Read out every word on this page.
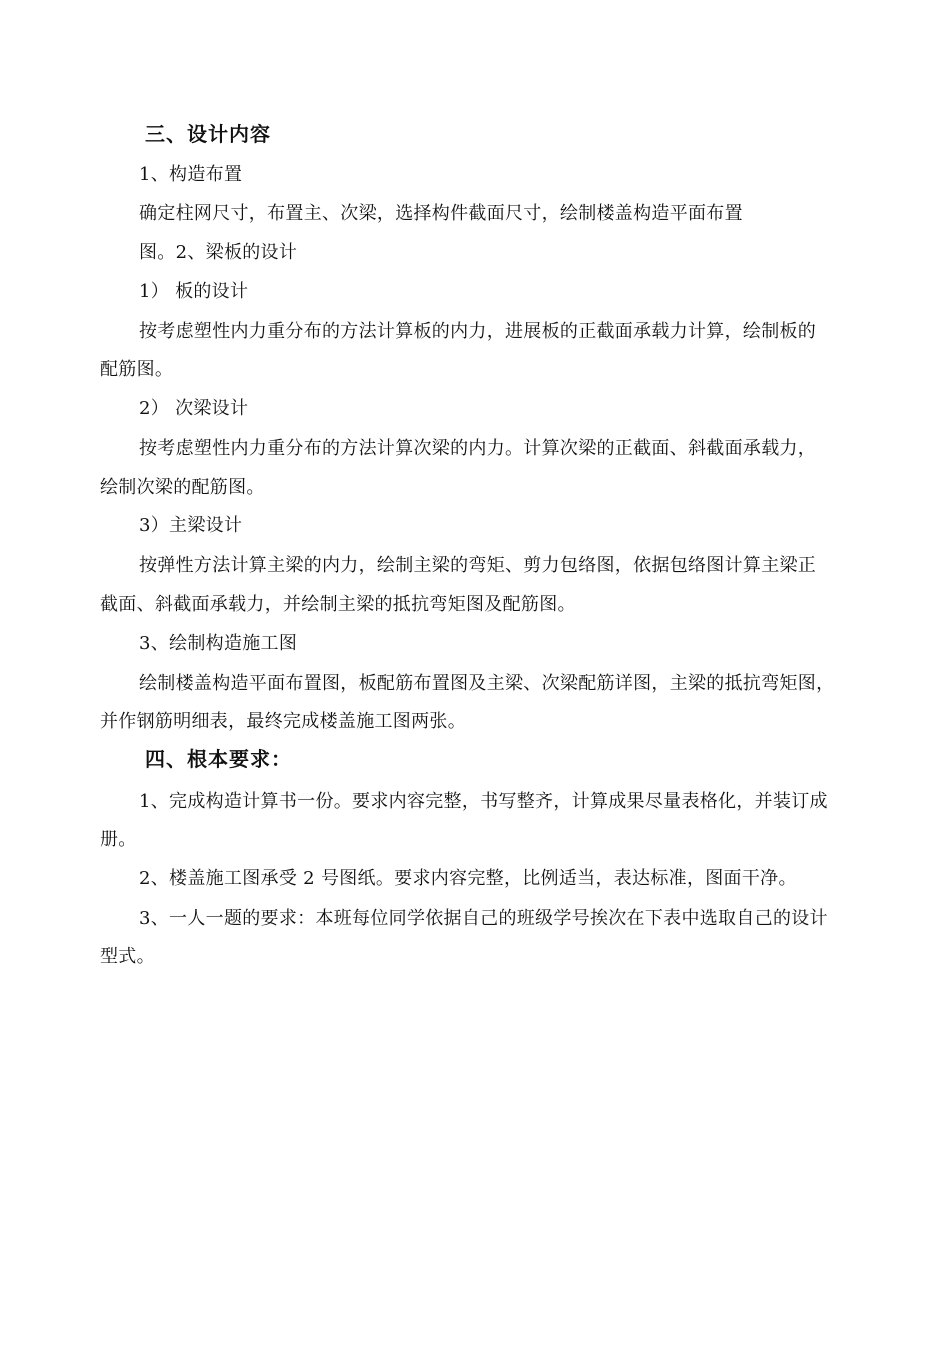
三、设计内容
1、构造布置
确定柱网尺寸，布置主、次梁，选择构件截面尺寸，绘制楼盖构造平面布置
图。2、梁板的设计
1） 板的设计
按考虑塑性内力重分布的方法计算板的内力，进展板的正截面承载力计算，绘制板的
配筋图。
2） 次梁设计
按考虑塑性内力重分布的方法计算次梁的内力。计算次梁的正截面、斜截面承载力，
绘制次梁的配筋图。
3）主梁设计
按弹性方法计算主梁的内力，绘制主梁的弯矩、剪力包络图，依据包络图计算主梁正
截面、斜截面承载力，并绘制主梁的抵抗弯矩图及配筋图。
3、绘制构造施工图
绘制楼盖构造平面布置图，板配筋布置图及主梁、次梁配筋详图，主梁的抵抗弯矩图，
并作钢筋明细表，最终完成楼盖施工图两张。
四、根本要求：
1、完成构造计算书一份。要求内容完整，书写整齐，计算成果尽量表格化，并装订成
册。
2、楼盖施工图承受 2 号图纸。要求内容完整，比例适当，表达标准，图面干净。
3、一人一题的要求：本班每位同学依据自己的班级学号挨次在下表中选取自己的设计
型式。
